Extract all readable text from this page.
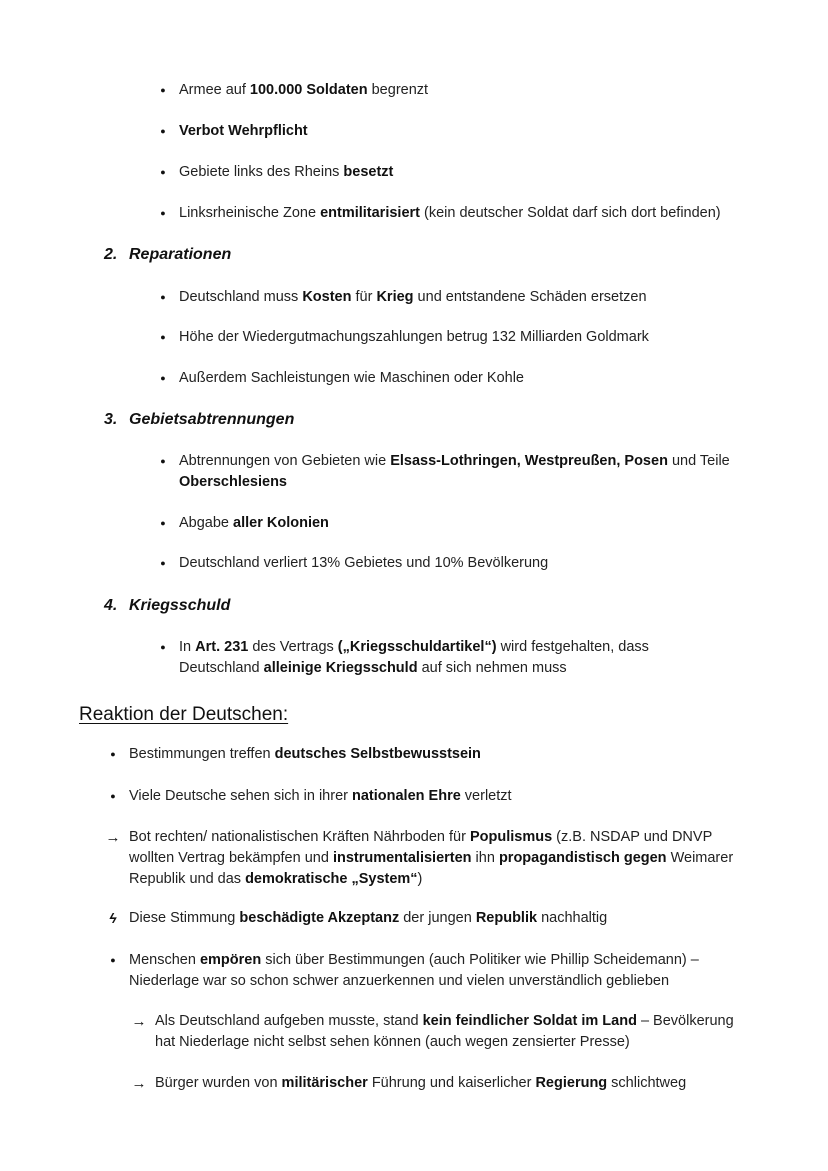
●
Armee auf 100.000 Soldaten begrenzt
●
Verbot Wehrpflicht
●
Gebiete links des Rheins besetzt
●
Linksrheinische Zone entmilitarisiert (kein deutscher Soldat darf sich dort befinden)
2. Reparationen
●
Deutschland muss Kosten für Krieg und entstandene Schäden ersetzen
●
Höhe der Wiedergutmachungszahlungen betrug 132 Milliarden Goldmark
●
Außerdem Sachleistungen wie Maschinen oder Kohle
3. Gebietsabtrennungen
●
Abtrennungen von Gebieten wie Elsass-Lothringen, Westpreußen, Posen und Teile Oberschlesiens
●
Abgabe aller Kolonien
●
Deutschland verliert 13% Gebietes und 10% Bevölkerung
4. Kriegsschuld
●
In Art. 231 des Vertrags („Kriegsschuldartikel“) wird festgehalten, dass Deutschland alleinige Kriegsschuld auf sich nehmen muss
Reaktion der Deutschen:
●
Bestimmungen treffen deutsches Selbstbewusstsein
●
Viele Deutsche sehen sich in ihrer nationalen Ehre verletzt
→ Bot rechten/ nationalistischen Kräften Nährboden für Populismus (z.B. NSDAP und DNVP wollten Vertrag bekämpfen und instrumentalisierten ihn propagandistisch gegen Weimarer Republik und das demokratische „System“)
ϟ Diese Stimmung beschädigte Akzeptanz der jungen Republik nachhaltig
●
Menschen empören sich über Bestimmungen (auch Politiker wie Phillip Scheidemann) – Niederlage war so schon schwer anzuerkennen und vielen unverständlich geblieben
→ Als Deutschland aufgeben musste, stand kein feindlicher Soldat im Land – Bevölkerung hat Niederlage nicht selbst sehen können (auch wegen zensierter Presse)
→ Bürger wurden von militärischer Führung und kaiserlicher Regierung schlichtweg
